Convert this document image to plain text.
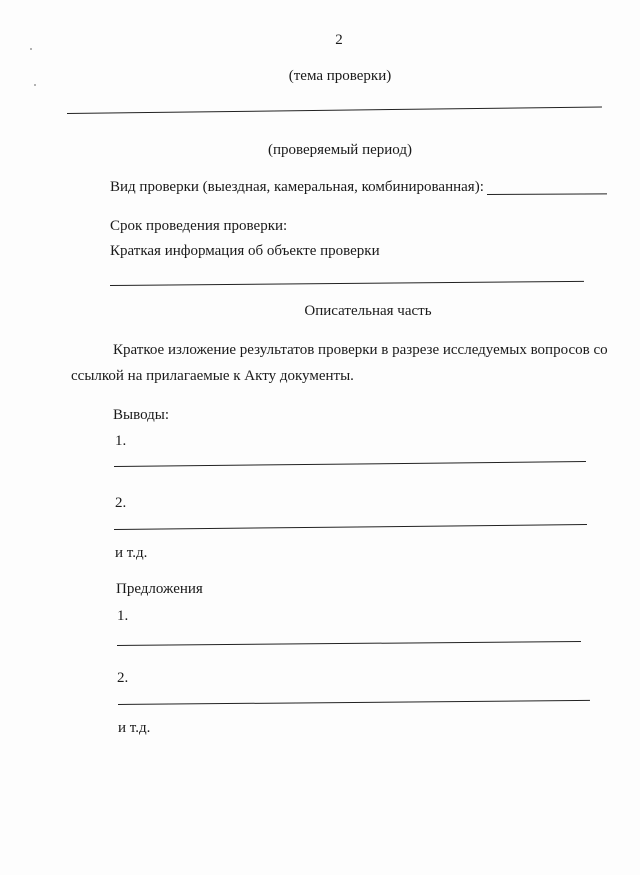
2
(тема проверки)
(проверяемый период)
Вид проверки (выездная, камеральная, комбинированная):
Срок проведения проверки:
Краткая информация об объекте проверки
Описательная часть
Краткое изложение результатов проверки в разрезе исследуемых вопросов со
ссылкой на прилагаемые к Акту документы.
Выводы:
1.
2.
и т.д.
Предложения
1.
2.
и т.д.
